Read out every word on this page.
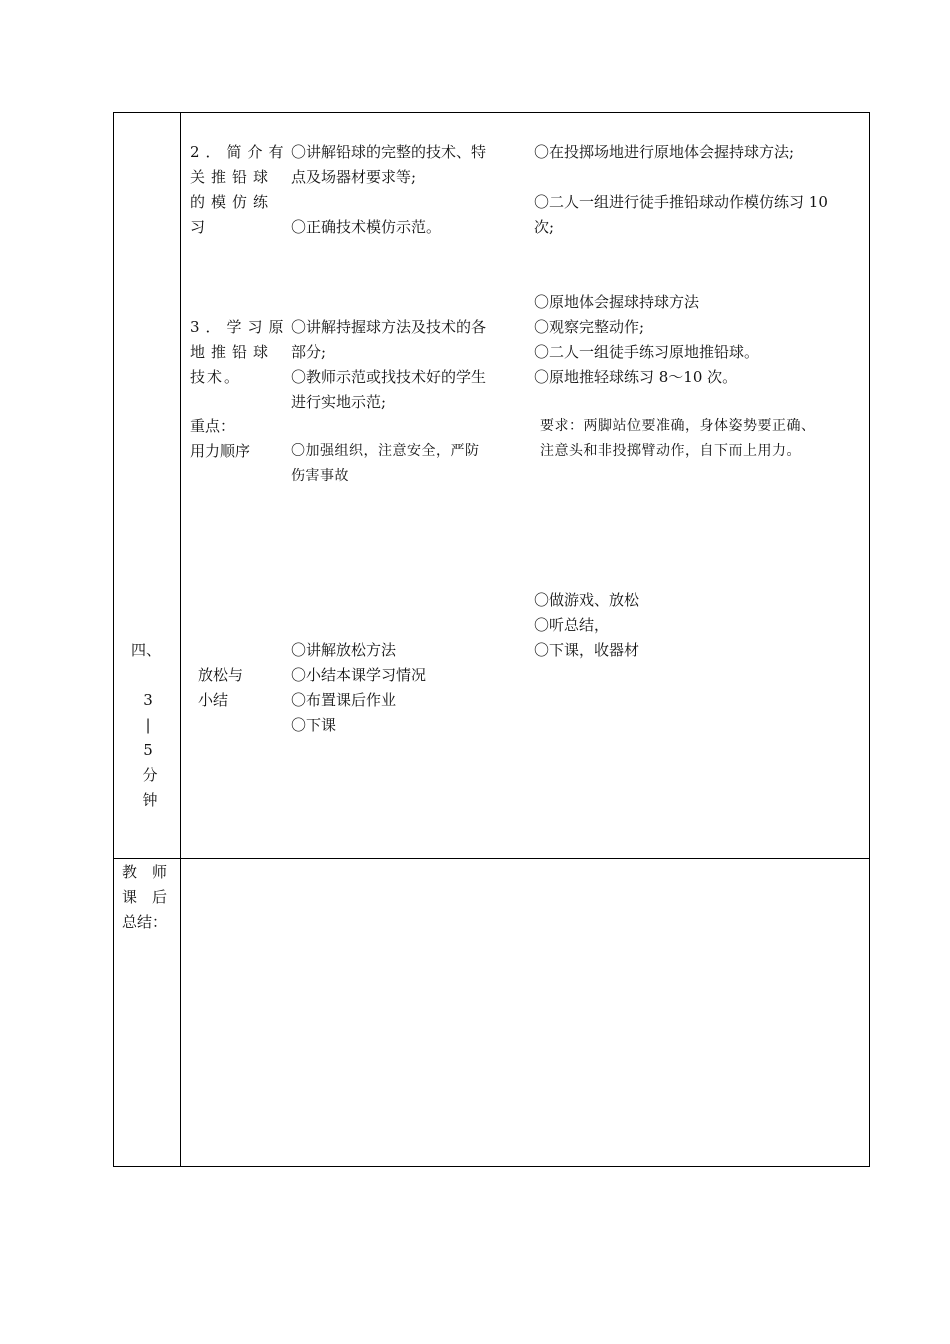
2．简介有
关推铅球
的模仿练
习
〇讲解铅球的完整的技术、特
点及场器材要求等;
〇正确技术模仿示范。
〇在投掷场地进行原地体会握持球方法;
〇二人一组进行徒手推铅球动作模仿练习 10
次;
3．学习原
地推铅球
技术。
重点：
用力顺序
〇讲解持握球方法及技术的各
部分;
〇教师示范或找技术好的学生
进行实地示范;
〇加强组织，注意安全，严防
伤害事故
〇原地体会握球持球方法
〇观察完整动作;
〇二人一组徒手练习原地推铅球。
〇原地推轻球练习 8～10 次。
要求：两脚站位要准确，身体姿势要正确、
注意头和非投掷臂动作，自下而上用力。
四、
3
|
5
分
钟
放松与
小结
〇讲解放松方法
〇小结本课学习情况
〇布置课后作业
〇下课
〇做游戏、放松
〇听总结，
〇下课，收器材
教　师
课　后
总结：
